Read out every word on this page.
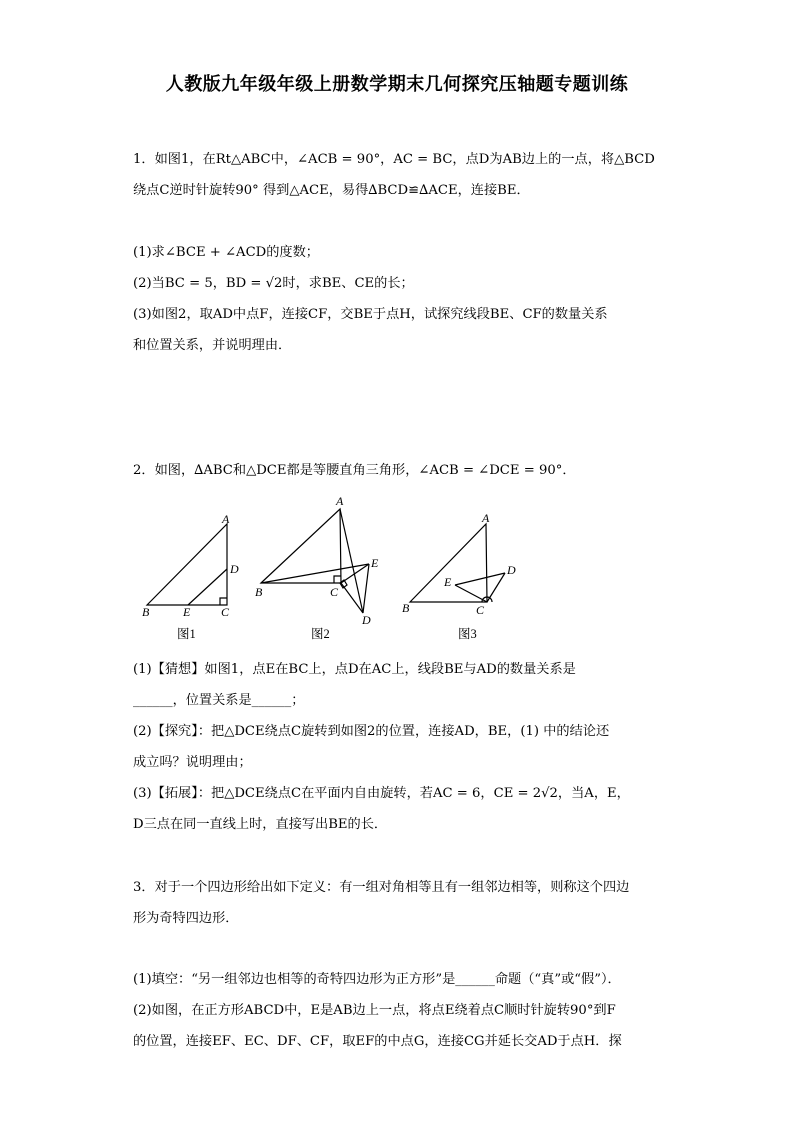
人教版九年级年级上册数学期末几何探究压轴题专题训练
1．如图1，在Rt△ABC中，∠ACB = 90°，AC = BC，点D为AB边上的一点，将△BCD
绕点C逆时针旋转90° 得到△ACE，易得∆BCD≌∆ACE，连接BE．
(1)求∠BCE + ∠ACD的度数；
(2)当BC = 5，BD = √2时，求BE、CE的长；
(3)如图2，取AD中点F，连接CF，交BE于点H，试探究线段BE、CF的数量关系
和位置关系，并说明理由．
2．如图，∆ABC和△DCE都是等腰直角三角形，∠ACB = ∠DCE = 90°．
A
D
B	E	C
A
E
B	C
D
A
E
D
B	C
图1	图2	图3
(1)【猜想】如图1，点E在BC上，点D在AC上，线段BE与AD的数量关系是
______，位置关系是______；
(2)【探究】：把△DCE绕点C旋转到如图2的位置，连接AD，BE，(1) 中的结论还
成立吗？说明理由；
(3)【拓展】：把△DCE绕点C在平面内自由旋转，若AC = 6，CE = 2√2，当A，E，
D三点在同一直线上时，直接写出BE的长．
3．对于一个四边形给出如下定义：有一组对角相等且有一组邻边相等，则称这个四边
形为奇特四边形．
(1)填空：“另一组邻边也相等的奇特四边形为正方形”是______命题（“真”或“假”）．
(2)如图，在正方形ABCD中，E是AB边上一点，将点E绕着点C顺时针旋转90°到F
的位置，连接EF、EC、DF、CF，取EF的中点G，连接CG并延长交AD于点H．探
